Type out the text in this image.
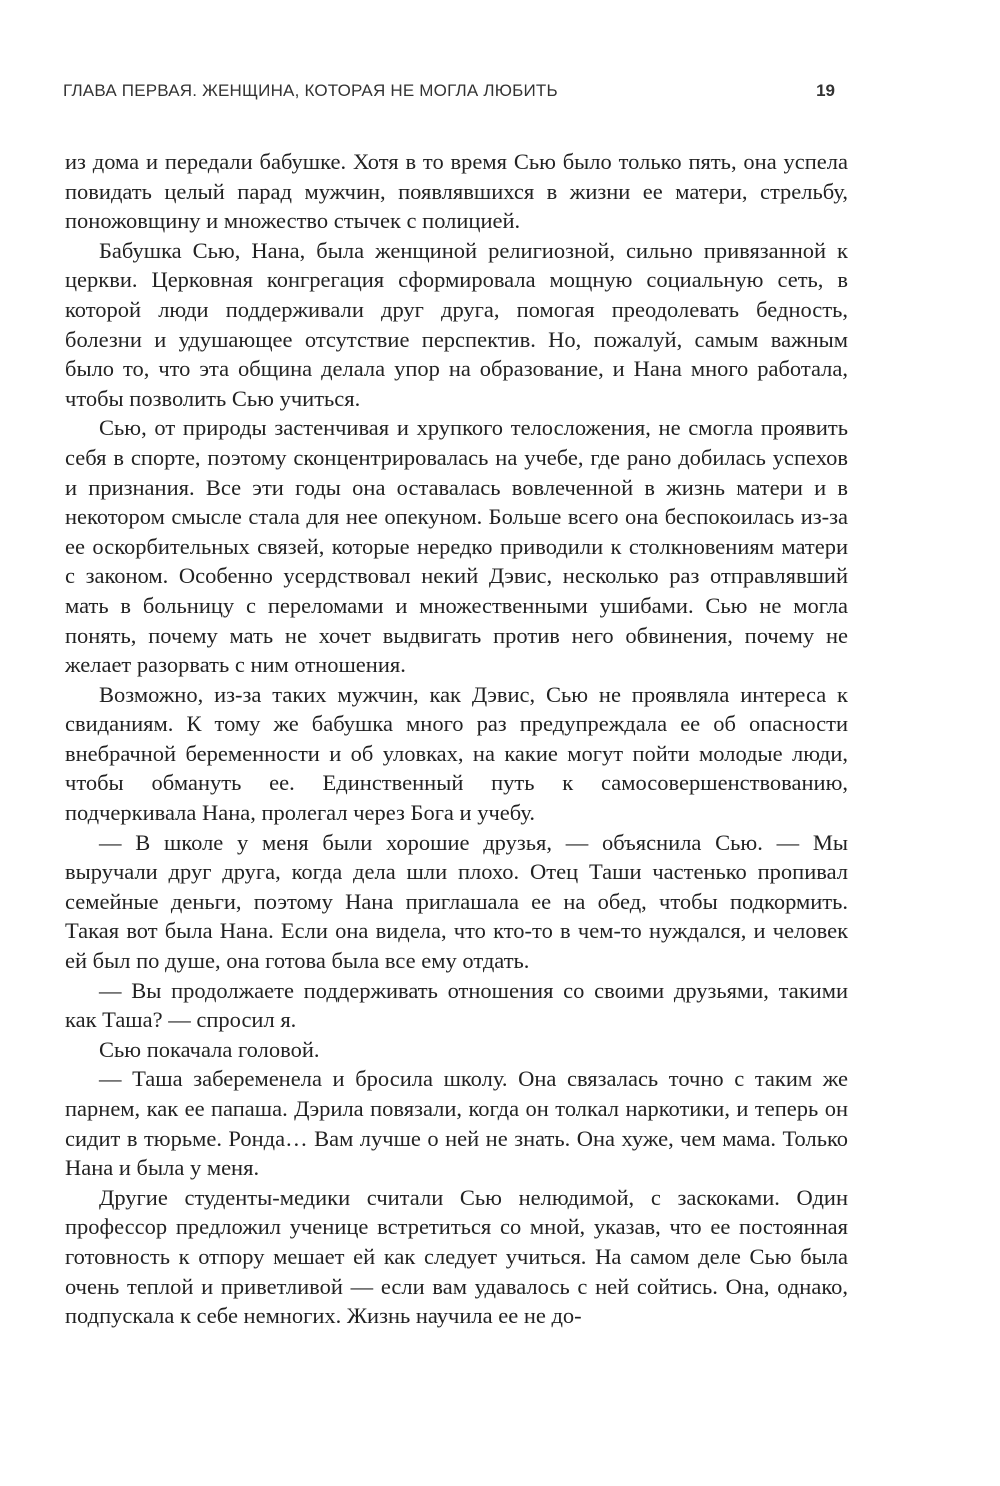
ГЛАВА ПЕРВАЯ. ЖЕНЩИНА, КОТОРАЯ НЕ МОГЛА ЛЮБИТЬ	19

из дома и передали бабушке. Хотя в то время Сью было только пять, она успела повидать целый парад мужчин, появлявшихся в жизни ее матери, стрельбу, поножовщину и множество стычек с полицией.

Бабушка Сью, Нана, была женщиной религиозной, сильно привязанной к церкви. Церковная конгрегация сформировала мощную социальную сеть, в которой люди поддерживали друг друга, помогая преодолевать бедность, болезни и удушающее отсутствие перспектив. Но, пожалуй, самым важным было то, что эта община делала упор на образование, и Нана много работала, чтобы позволить Сью учиться.

Сью, от природы застенчивая и хрупкого телосложения, не смогла проявить себя в спорте, поэтому сконцентрировалась на учебе, где рано добилась успехов и признания. Все эти годы она оставалась вовлеченной в жизнь матери и в некотором смысле стала для нее опекуном. Больше всего она беспокоилась из-за ее оскорбительных связей, которые нередко приводили к столкновениям матери с законом. Особенно усердствовал некий Дэвис, несколько раз отправлявший мать в больницу с переломами и множественными ушибами. Сью не могла понять, почему мать не хочет выдвигать против него обвинения, почему не желает разорвать с ним отношения.

Возможно, из-за таких мужчин, как Дэвис, Сью не проявляла интереса к свиданиям. К тому же бабушка много раз предупреждала ее об опасности внебрачной беременности и об уловках, на какие могут пойти молодые люди, чтобы обмануть ее. Единственный путь к самосовершенствованию, подчеркивала Нана, пролегал через Бога и учебу.

— В школе у меня были хорошие друзья, — объяснила Сью. — Мы выручали друг друга, когда дела шли плохо. Отец Таши частенько пропивал семейные деньги, поэтому Нана приглашала ее на обед, чтобы подкормить. Такая вот была Нана. Если она видела, что кто-то в чем-то нуждался, и человек ей был по душе, она готова была все ему отдать.

— Вы продолжаете поддерживать отношения со своими друзьями, такими как Таша? — спросил я.

Сью покачала головой.

— Таша забеременела и бросила школу. Она связалась точно с таким же парнем, как ее папаша. Дэрила повязали, когда он толкал наркотики, и теперь он сидит в тюрьме. Ронда… Вам лучше о ней не знать. Она хуже, чем мама. Только Нана и была у меня.

Другие студенты-медики считали Сью нелюдимой, с заскоками. Один профессор предложил ученице встретиться со мной, указав, что ее постоянная готовность к отпору мешает ей как следует учиться. На самом деле Сью была очень теплой и приветливой — если вам удавалось с ней сойтись. Она, однако, подпускала к себе немногих. Жизнь научила ее не до-
